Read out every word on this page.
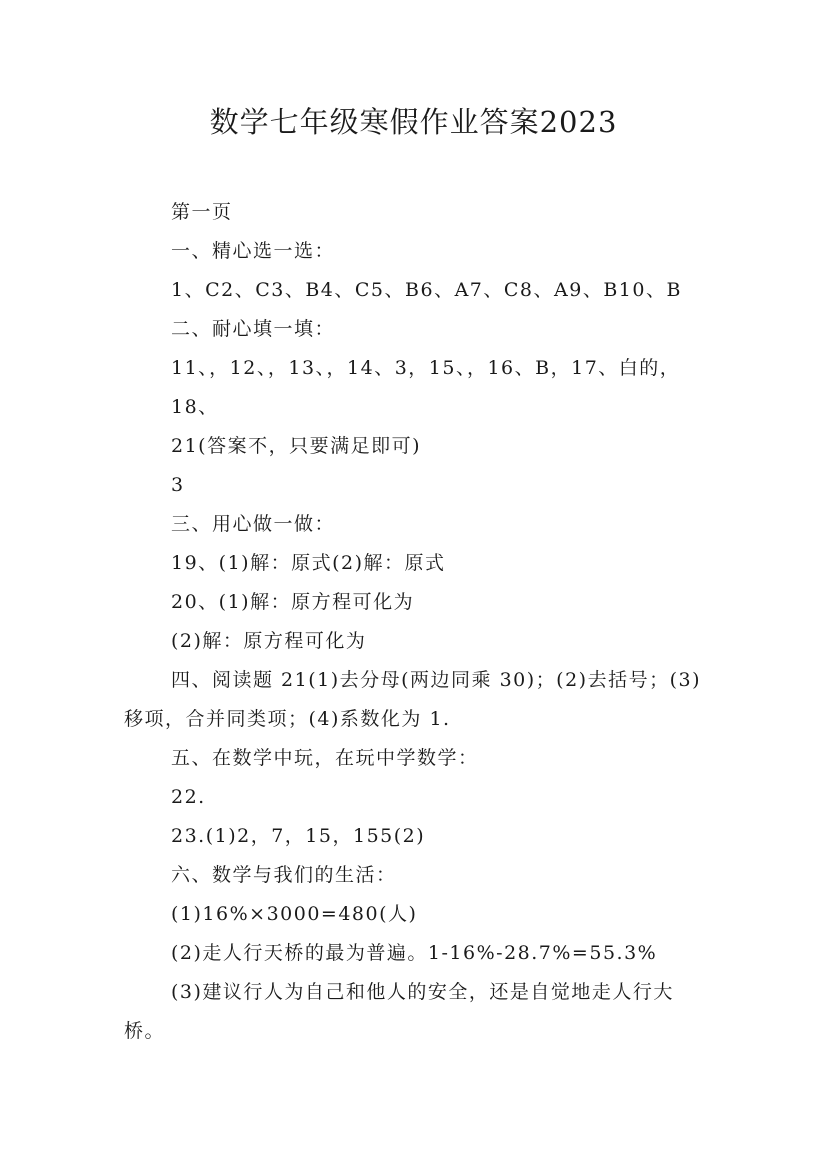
数学七年级寒假作业答案2023

第一页

一、精心选一选：

1、C2、C3、B4、C5、B6、A7、C8、A9、B10、B

二、耐心填一填：

11、，12、，13、，14、3，15、，16、B，17、白的，

18、

21(答案不，只要满足即可)

3

三、用心做一做：

19、(1)解：原式(2)解：原式

20、(1)解：原方程可化为

(2)解：原方程可化为

四、阅读题 21(1)去分母(两边同乘 30)；(2)去括号；(3)移项，合并同类项；(4)系数化为 1.

五、在数学中玩，在玩中学数学：

22.

23.(1)2，7，15，155(2)

六、数学与我们的生活：

(1)16%×3000=480(人)

(2)走人行天桥的最为普遍。1-16%-28.7%=55.3%

(3)建议行人为自己和他人的安全，还是自觉地走人行大桥。
